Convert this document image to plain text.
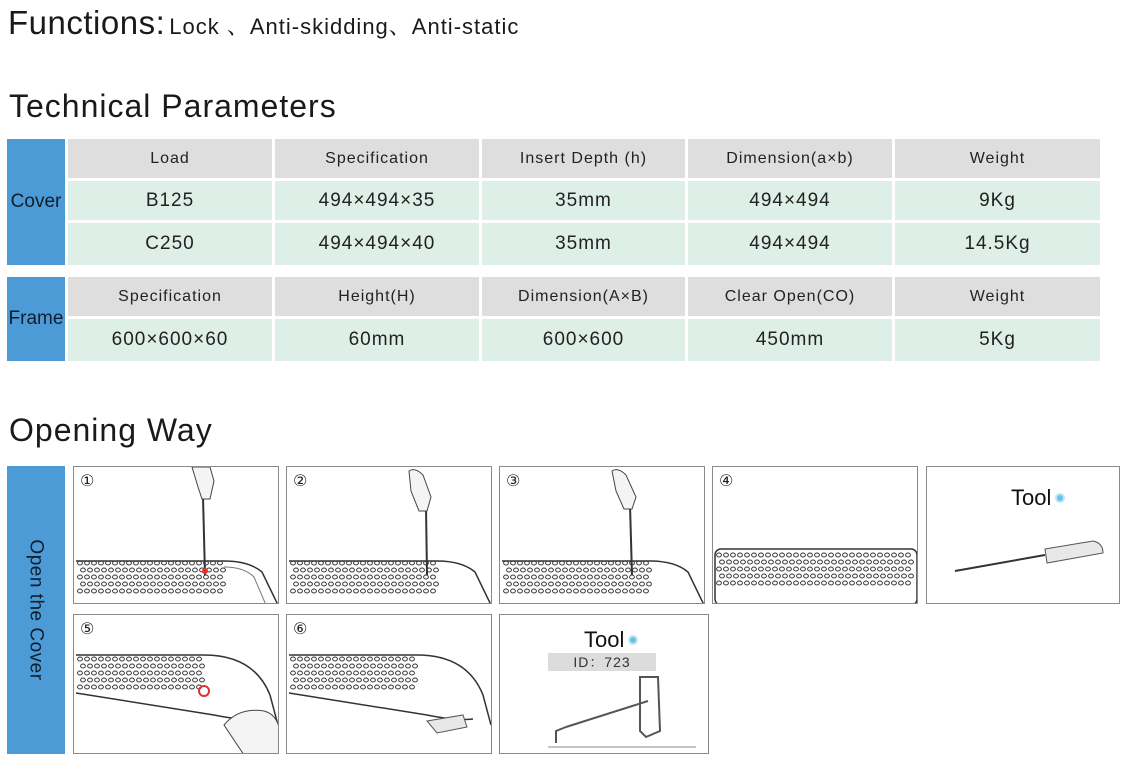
Functions: Lock 、Anti-skidding、Anti-static
Technical Parameters
Cover
Load	Specification	Insert Depth (h)	Dimension(a×b)	Weight
B125	494×494×35	35mm	494×494	9Kg
C250	494×494×40	35mm	494×494	14.5Kg
Frame
Specification	Height(H)	Dimension(A×B)	Clear Open(CO)	Weight
600×600×60	60mm	600×600	450mm	5Kg
Opening Way
Open the Cover
①	②	③	④
Tool
⑤	⑥	Tool
ID：723
